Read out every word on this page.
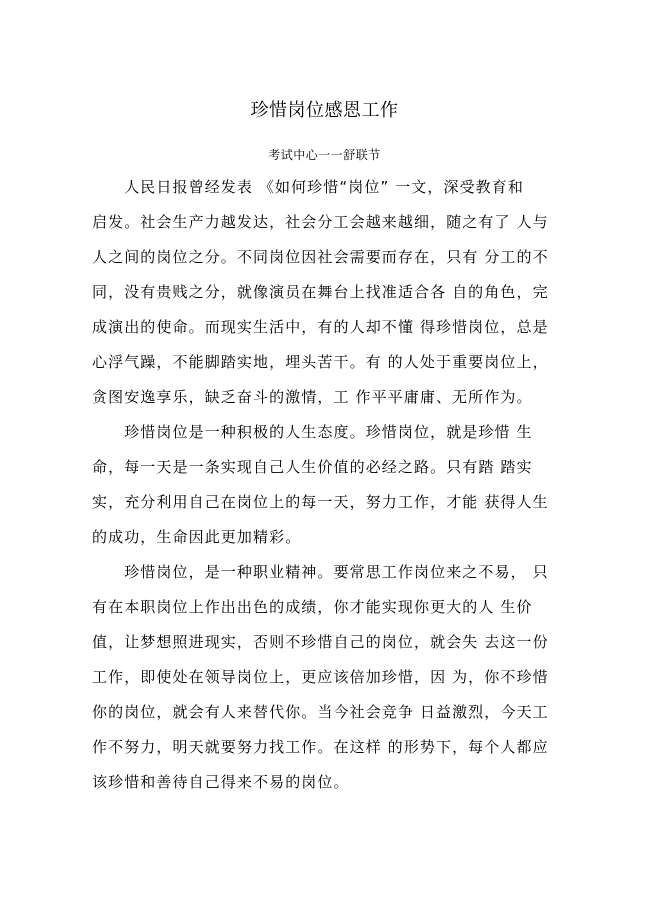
珍惜岗位感恩工作
考试中心一一舒联节
　　人民日报曾经发表 《如何珍惜“岗位” 一文，深受教育和
启发。社会生产力越发达，社会分工会越来越细，随之有了 人与
人之间的岗位之分。不同岗位因社会需要而存在，只有 分工的不
同，没有贵贱之分，就像演员在舞台上找准适合各 自的角色，完
成演出的使命。而现实生活中，有的人却不懂 得珍惜岗位，总是
心浮气躁，不能脚踏实地，埋头苦干。有 的人处于重要岗位上，
贪图安逸享乐，缺乏奋斗的激情，工 作平平庸庸、无所作为。
　　珍惜岗位是一种积极的人生态度。珍惜岗位，就是珍惜 生
命，每一天是一条实现自己人生价值的必经之路。只有踏 踏实
实，充分利用自己在岗位上的每一天，努力工作，才能 获得人生
的成功，生命因此更加精彩。
　　珍惜岗位，是一种职业精神。要常思工作岗位来之不易， 只
有在本职岗位上作出出色的成绩，你才能实现你更大的人 生价
值，让梦想照进现实，否则不珍惜自己的岗位，就会失 去这一份
工作，即使处在领导岗位上，更应该倍加珍惜，因 为，你不珍惜
你的岗位，就会有人来替代你。当今社会竞争 日益激烈，今天工
作不努力，明天就要努力找工作。在这样 的形势下，每个人都应
该珍惜和善待自己得来不易的岗位。
